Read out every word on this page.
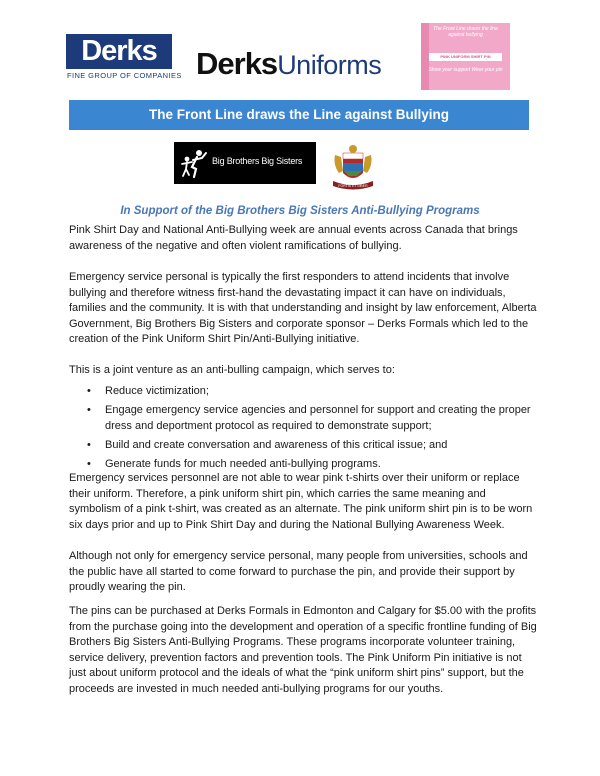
Derks
FINE GROUP OF COMPANIES DerksUniforms
The Front Line draws the line against bullying
PINK UNIFORM SHIRT PIN
Show your support Wear your pin
The Front Line draws the Line against Bullying
Big Brothers Big Sisters
FORTIS ET LIBER
In Support of the Big Brothers Big Sisters Anti-Bullying Programs

Pink Shirt Day and National Anti-Bullying week are annual events across Canada that brings awareness of the negative and often violent ramifications of bullying.

Emergency service personal is typically the first responders to attend incidents that involve bullying and therefore witness first-hand the devastating impact it can have on individuals, families and the community. It is with that understanding and insight by law enforcement, Alberta Government, Big Brothers Big Sisters and corporate sponsor – Derks Formals which led to the creation of the Pink Uniform Shirt Pin/Anti-Bullying initiative.

This is a joint venture as an anti-bulling campaign, which serves to:

• Reduce victimization;
• Engage emergency service agencies and personnel for support and creating the proper dress and deportment protocol as required to demonstrate support;
• Build and create conversation and awareness of this critical issue; and
• Generate funds for much needed anti-bullying programs.

Emergency services personnel are not able to wear pink t-shirts over their uniform or replace their uniform. Therefore, a pink uniform shirt pin, which carries the same meaning and symbolism of a pink t-shirt, was created as an alternate. The pink uniform shirt pin is to be worn six days prior and up to Pink Shirt Day and during the National Bullying Awareness Week.

Although not only for emergency service personal, many people from universities, schools and the public have all started to come forward to purchase the pin, and provide their support by proudly wearing the pin.

The pins can be purchased at Derks Formals in Edmonton and Calgary for $5.00 with the profits from the purchase going into the development and operation of a specific frontline funding of Big Brothers Big Sisters Anti-Bullying Programs. These programs incorporate volunteer training, service delivery, prevention factors and prevention tools. The Pink Uniform Pin initiative is not just about uniform protocol and the ideals of what the “pink uniform shirt pins” support, but the proceeds are invested in much needed anti-bullying programs for our youths.
